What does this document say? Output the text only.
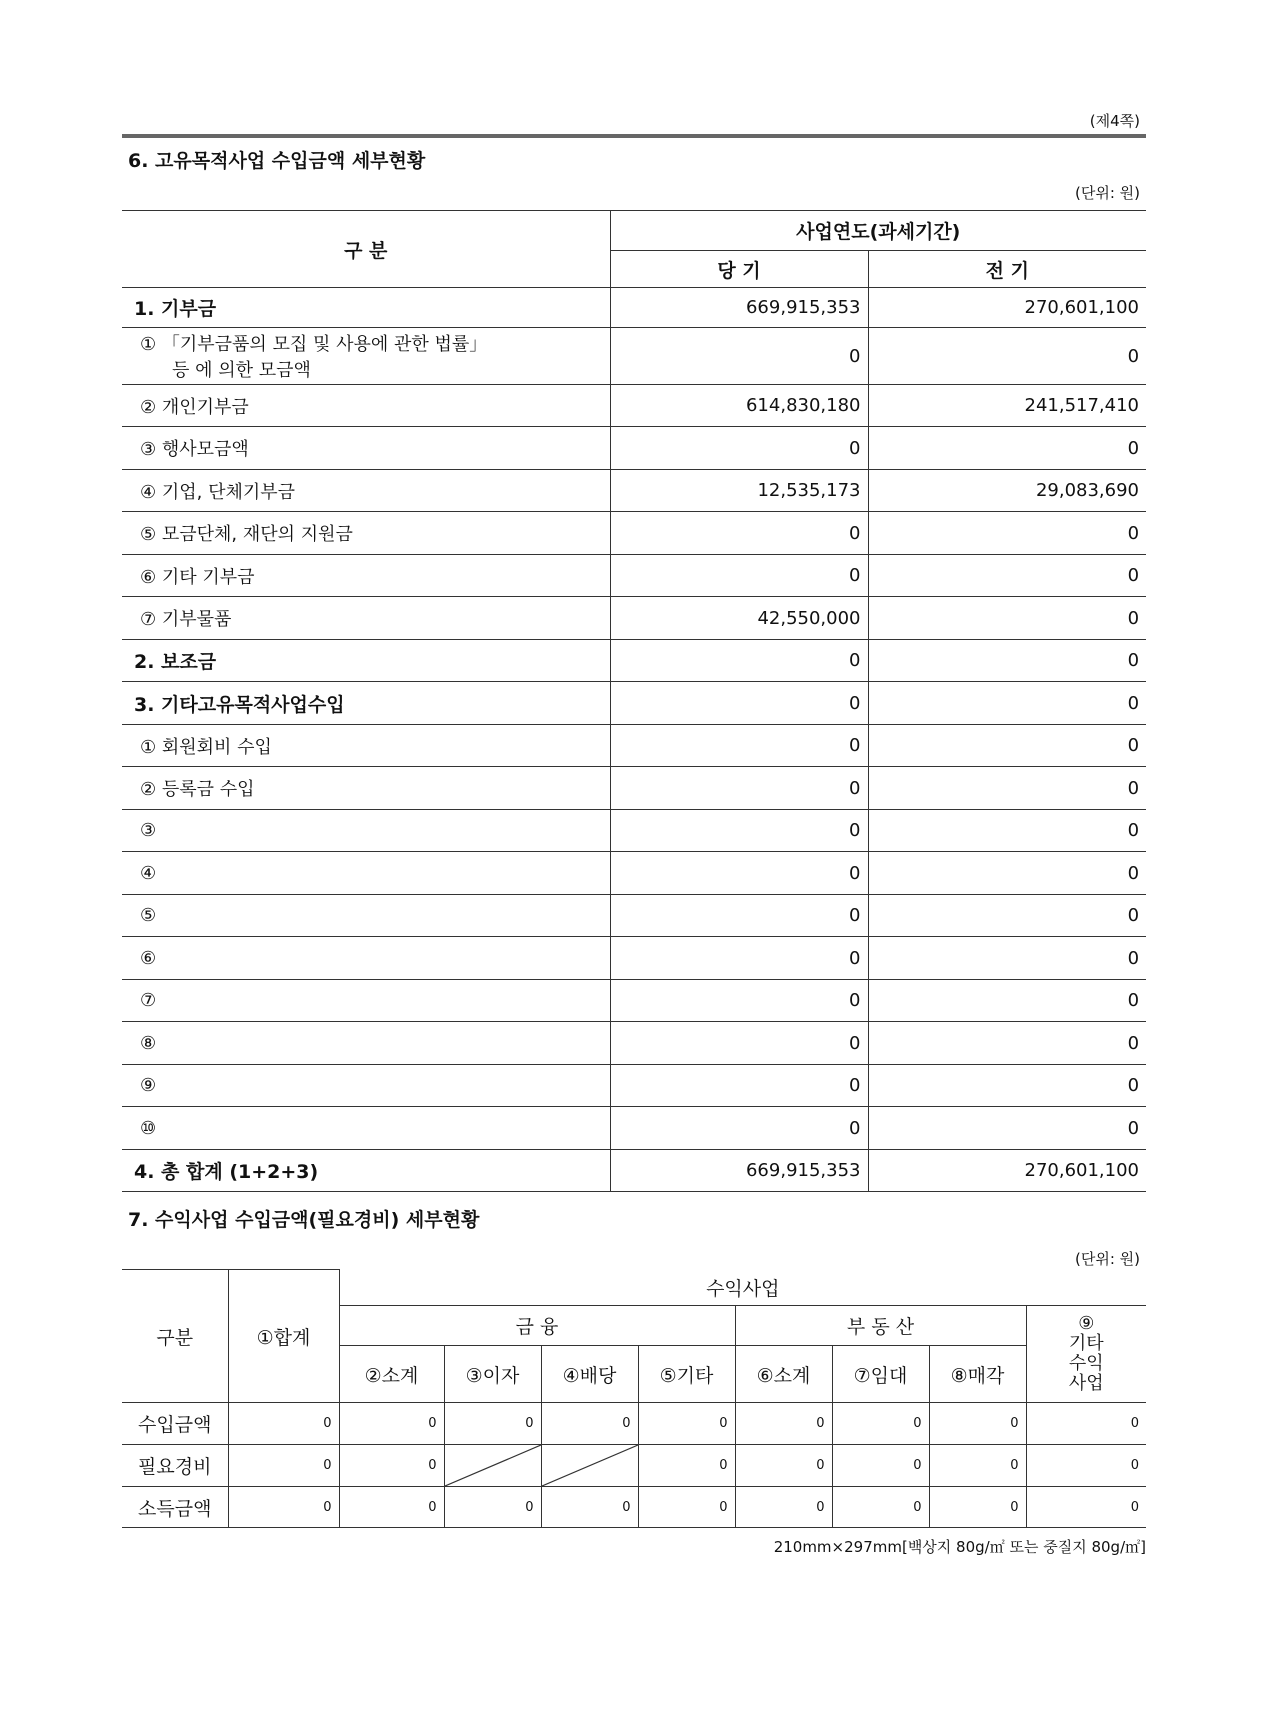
(제4쪽)
6. 고유목적사업 수입금액 세부현황
(단위: 원)
구 분	사업연도(과세기간)	
	당 기	전 기
1. 기부금	669,915,353	270,601,100
① 「기부금품의 모집 및 사용에 관한 법률」
등 에 의한 모금액	0	0
② 개인기부금	614,830,180	241,517,410
③ 행사모금액	0	0
④ 기업, 단체기부금	12,535,173	29,083,690
⑤ 모금단체, 재단의 지원금	0	0
⑥ 기타 기부금	0	0
⑦ 기부물품	42,550,000	0
2. 보조금	0	0
3. 기타고유목적사업수입	0	0
① 회원회비 수입	0	0
② 등록금 수입	0	0
③	0	0
④	0	0
⑤	0	0
⑥	0	0
⑦	0	0
⑧	0	0
⑨	0	0
⑩	0	0
4. 총 합계 (1+2+3)	669,915,353	270,601,100
7. 수익사업 수입금액(필요경비) 세부현황
(단위: 원)
구분	①합계	수익사업							
		금 융				부 동 산			⑨
기타
수익
사업

		②소계	③이자	④배당	⑤기타	⑥소계	⑦임대	⑧매각	
수입금액	0	0	0	0	0	0	0	0	0
필요경비	0	0			0	0	0	0	0
소득금액	0	0	0	0	0	0	0	0	0
210mm×297mm[백상지 80g/㎡ 또는 중질지 80g/㎡]
